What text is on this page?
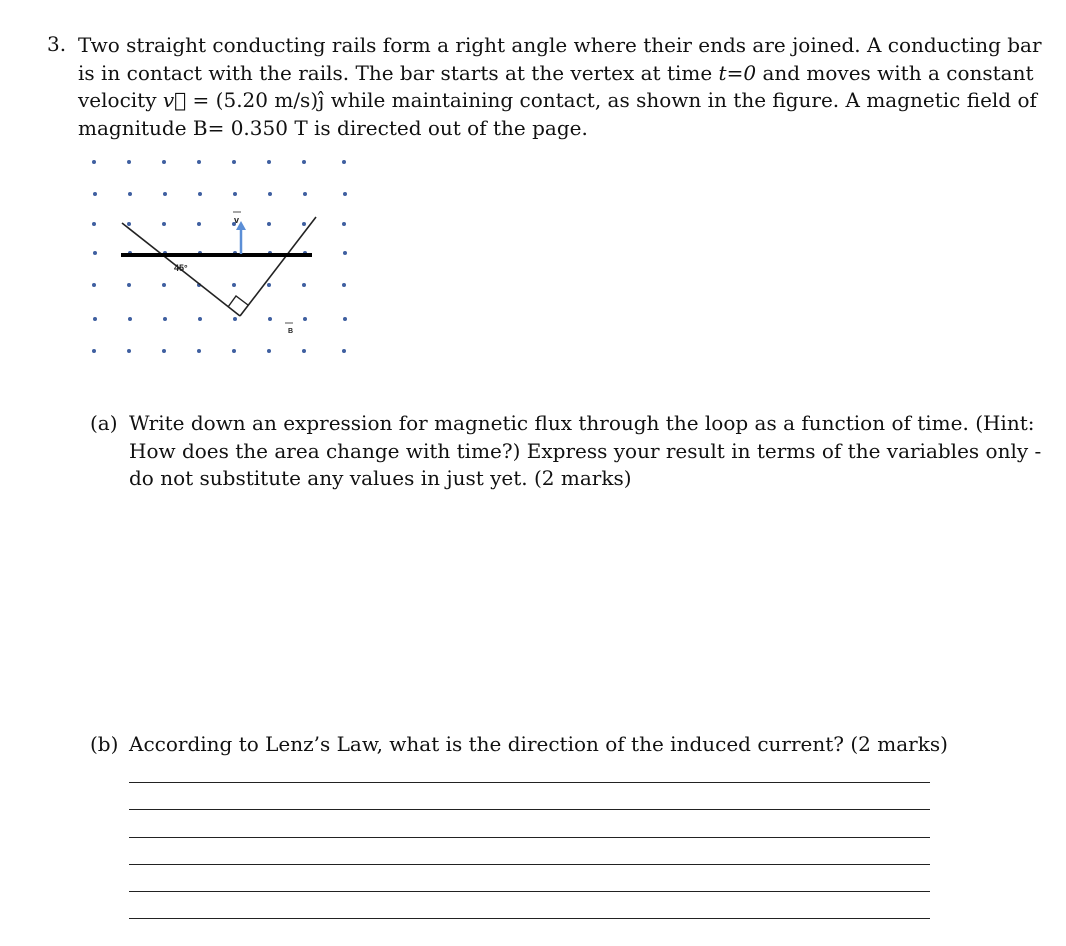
3. Two straight conducting rails form a right angle where their ends are joined. A conducting bar
is in contact with the rails. The bar starts at the vertex at time t=0 and moves with a constant
velocity v⃗ = (5.20 m/s)ĵ while maintaining contact, as shown in the figure. A magnetic field of
magnitude B= 0.350 T is directed out of the page.
v
45°
B
(a) Write down an expression for magnetic flux through the loop as a function of time. (Hint:
How does the area change with time?) Express your result in terms of the variables only -
do not substitute any values in just yet. (2 marks)
(b) According to Lenz’s Law, what is the direction of the induced current? (2 marks)
